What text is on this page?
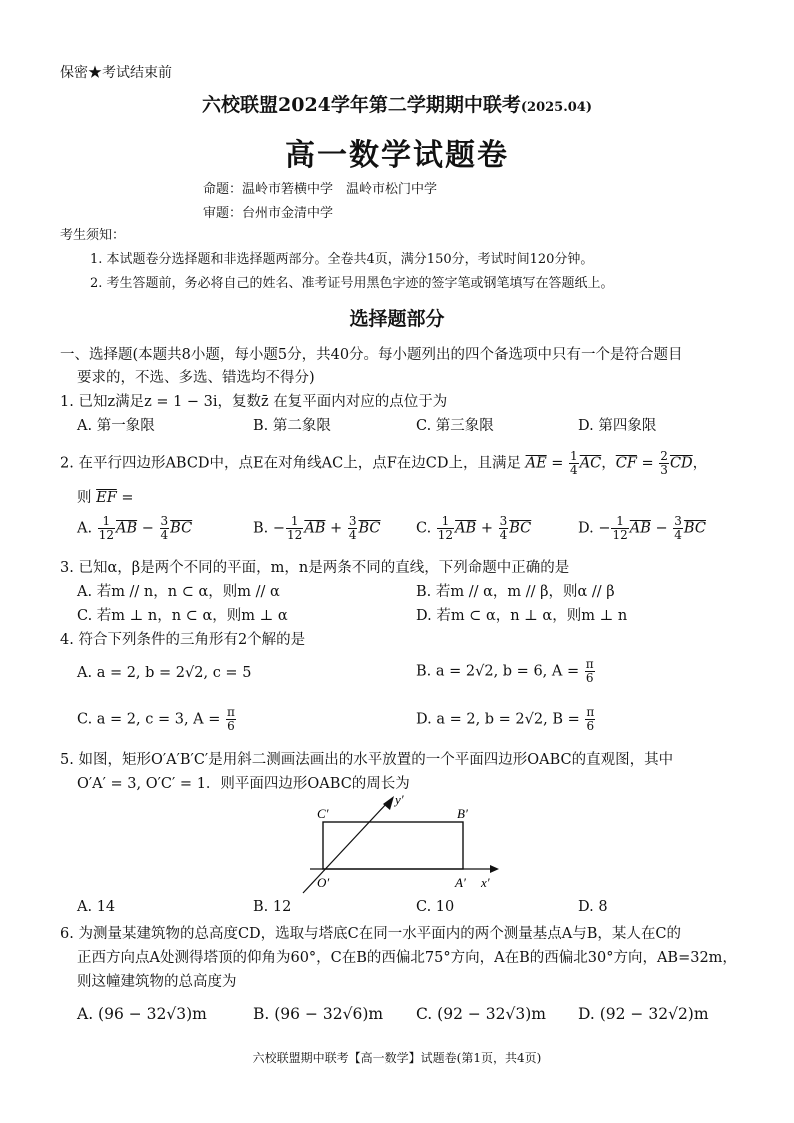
保密★考试结束前
六校联盟2024学年第二学期期中联考(2025.04)
高一数学试题卷
命题：温岭市箬横中学　温岭市松门中学
审题：台州市金清中学
考生须知：
1. 本试题卷分选择题和非选择题两部分。全卷共4页，满分150分，考试时间120分钟。
2. 考生答题前，务必将自己的姓名、准考证号用黑色字迹的签字笔或钢笔填写在答题纸上。
选择题部分
一、选择题(本题共8小题，每小题5分，共40分。每小题列出的四个备选项中只有一个是符合题目
要求的，不选、多选、错选均不得分)
1. 已知z满足z = 1 − 3i，复数z̄ 在复平面内对应的点位于为
A. 第一象限	B. 第二象限	C. 第三象限	D. 第四象限
2. 在平行四边形ABCD中，点E在对角线AC上，点F在边CD上，且满足 $\overline{AE} = \frac{1}{4} \overline{AC}$，$\overline{CF} = \frac{2}{3} \overline{CD}$，
则 $\overline{EF}$ =
A. $\frac{1}{12} \overline{AB} - \frac{3}{4} \overline{BC}$	B. − $\frac{1}{12} \overline{AB} + \frac{3}{4} \overline{BC}$ C. $\frac{1}{12} \overline{AB} + \frac{3}{4} \overline{BC}$	D. − $\frac{1}{12} \overline{AB} - \frac{3}{4} \overline{BC}$
3. 已知α，β是两个不同的平面，m，n是两条不同的直线，下列命题中正确的是
A. 若m // n，n ⊂ α，则m // α	B. 若m // α，m // β，则α // β
C. 若m ⊥ n，n ⊂ α，则m ⊥ α	D. 若m ⊂ α，n ⊥ α，则m ⊥ n
4. 符合下列条件的三角形有2个解的是
A. a = 2, b = 2√2, c = 5	B. a = 2√2, b = 6, $A = \frac{\pi}{6}$
C. a = 2, c = 3, $A = \frac{\pi}{6}$	D. a = 2, b = 2√2, $B = \frac{\pi}{6}$
5. 如图，矩形O′A′B′C′是用斜二测画法画出的水平放置的一个平面四边形OABC的直观图，其中
O′A′ = 3, O′C′ = 1．则平面四边形OABC的周长为
C′	B′
O′	A′ x′
y′
A. 14	B. 12	C. 10	D. 8
6. 为测量某建筑物的总高度CD，选取与塔底C在同一水平面内的两个测量基点A与B，某人在C的
正西方向点A处测得塔顶的仰角为60°，C在B的西偏北75°方向，A在B的西偏北30°方向，AB=32m，
则这幢建筑物的总高度为
A. (96 − 32√3)m	B. (96 − 32√6)m C. (92 − 32√3)m D. (92 − 32√2)m
六校联盟期中联考【高一数学】试题卷(第1页，共4页)
